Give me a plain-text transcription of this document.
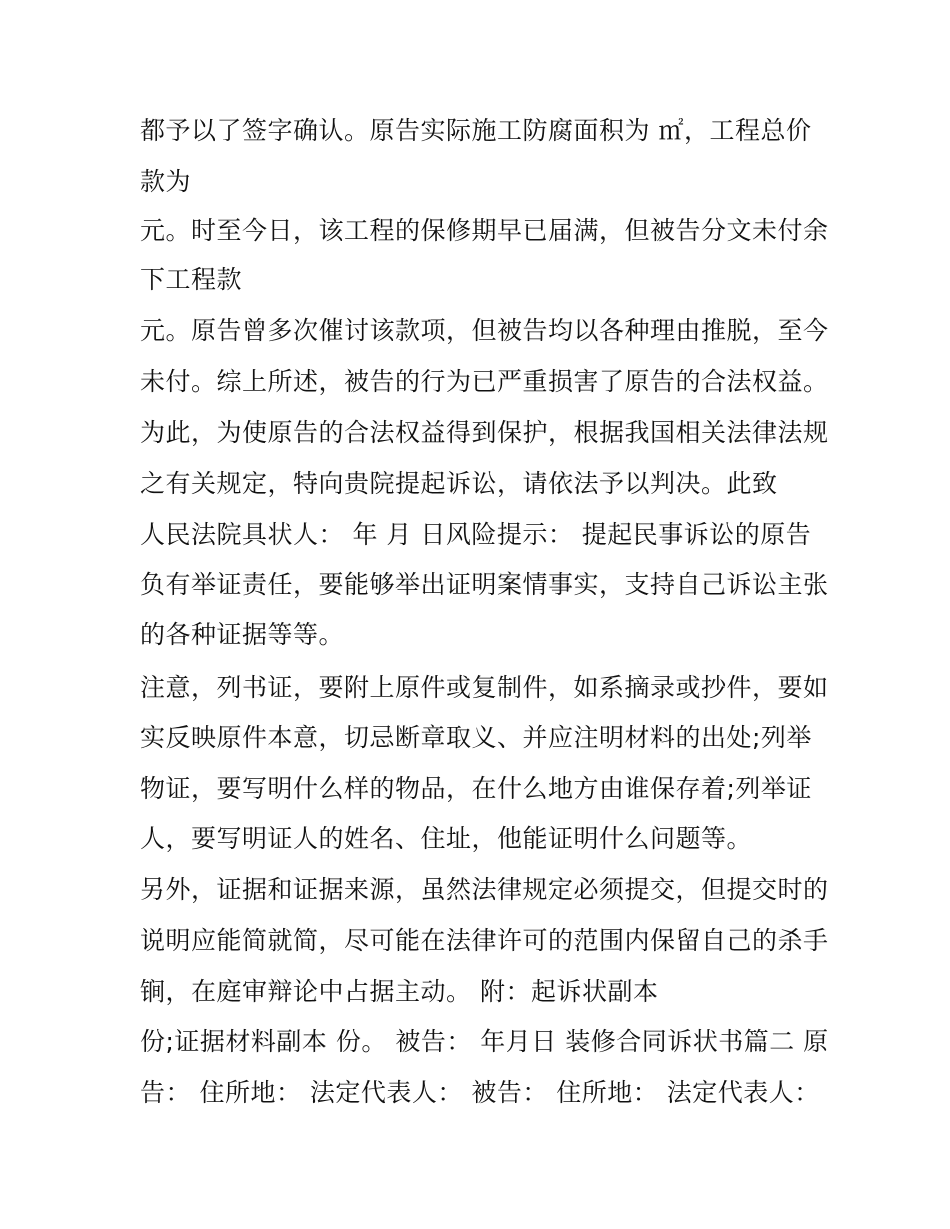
都予以了签字确认。原告实际施工防腐面积为 ㎡，工程总价
款为
元。时至今日，该工程的保修期早已届满，但被告分文未付余
下工程款
元。原告曾多次催讨该款项，但被告均以各种理由推脱，至今
未付。综上所述，被告的行为已严重损害了原告的合法权益。
为此，为使原告的合法权益得到保护，根据我国相关法律法规
之有关规定，特向贵院提起诉讼，请依法予以判决。此致
人民法院具状人： 年 月 日风险提示： 提起民事诉讼的原告
负有举证责任，要能够举出证明案情事实，支持自己诉讼主张
的各种证据等等。
注意，列书证，要附上原件或复制件，如系摘录或抄件，要如
实反映原件本意，切忌断章取义、并应注明材料的出处;列举
物证，要写明什么样的物品，在什么地方由谁保存着;列举证
人，要写明证人的姓名、住址，他能证明什么问题等。
另外，证据和证据来源，虽然法律规定必须提交，但提交时的
说明应能简就简，尽可能在法律许可的范围内保留自己的杀手
锏，在庭审辩论中占据主动。 附：起诉状副本
份;证据材料副本 份。 被告： 年月日 装修合同诉状书篇二 原
告： 住所地： 法定代表人： 被告： 住所地： 法定代表人：
